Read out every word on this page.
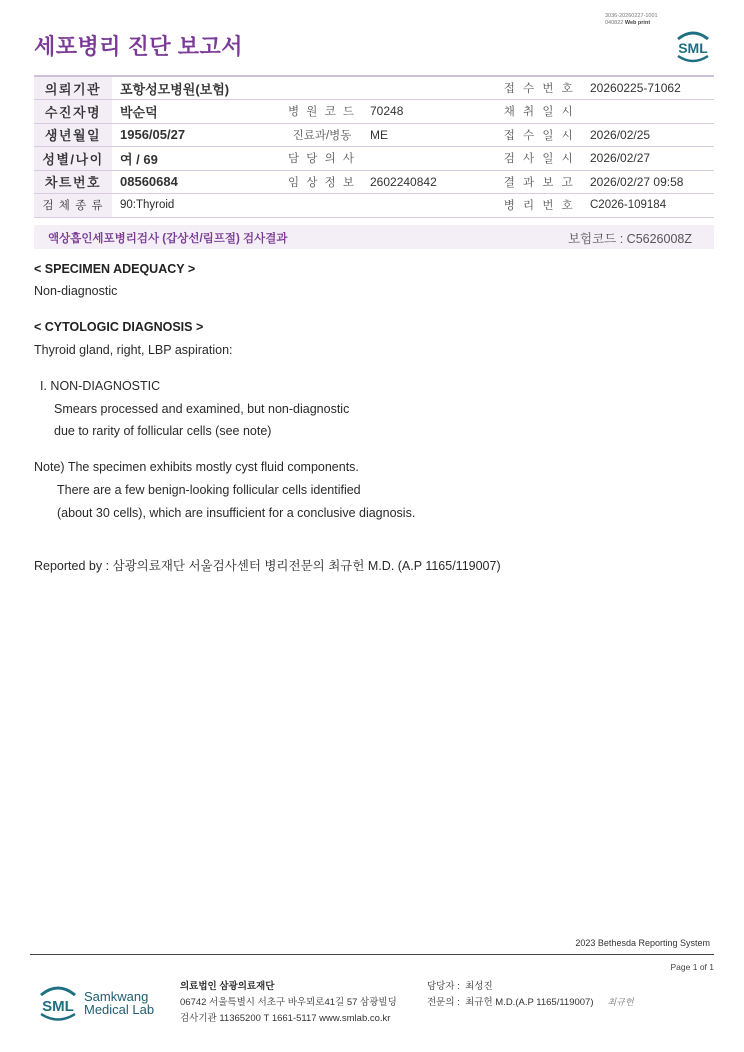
3036-20260227-1001
040822 Web print
세포병리 진단 보고서	SML
의뢰기관	포항성모병원(보험)			접 수 번 호	20260225-71062
수진자명	박순덕	병 원 코 드	70248	채 취 일 시	
생년월일	1956/05/27	진료과/병동	ME	접 수 일 시	2026/02/25
성별/나이	여 / 69	담 당 의 사		검 사 일 시	2026/02/27
차트번호	08560684	임 상 정 보	2602240842	결 과 보 고	2026/02/27 09:58
검 체 종 류	90:Thyroid			병 리 번 호	C2026-109184
액상흡인세포병리검사 (갑상선/림프절) 검사결과	보험코드 : C5626008Z
< SPECIMEN ADEQUACY >
Non-diagnostic
< CYTOLOGIC DIAGNOSIS >
Thyroid gland, right, LBP aspiration:
I. NON-DIAGNOSTIC
Smears processed and examined, but non-diagnostic
due to rarity of follicular cells (see note)
Note) The specimen exhibits mostly cyst fluid components.
There are a few benign-looking follicular cells identified
(about 30 cells), which are insufficient for a conclusive diagnosis.
Reported by : 삼광의료재단 서울검사센터 병리전문의 최규헌 M.D. (A.P 1165/119007)
2023 Bethesda Reporting System
Page 1 of 1
SML
Samkwang
Medical Lab
의료법인 삼광의료재단
06742 서울특별시 서초구 바우뫼로41길 57 삼광빌딩
검사기관 11365200 T 1661-5117 www.smlab.co.kr
담당자 : 최성진
전문의 : 최규헌 M.D.(A.P 1165/119007) 최규헌
